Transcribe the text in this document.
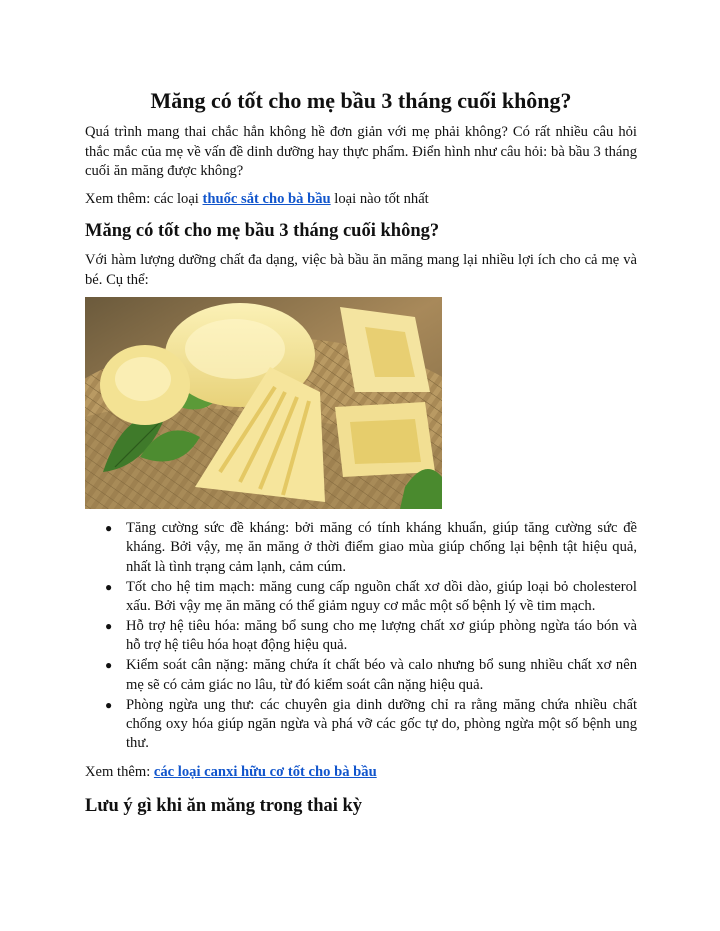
Măng có tốt cho mẹ bầu 3 tháng cuối không?

Quá trình mang thai chắc hẳn không hề đơn giản với mẹ phải không? Có rất nhiều câu hỏi thắc mắc của mẹ về vấn đề dinh dưỡng hay thực phẩm. Điển hình như câu hỏi: bà bầu 3 tháng cuối ăn măng được không?

Xem thêm: các loại thuốc sắt cho bà bầu loại nào tốt nhất

Măng có tốt cho mẹ bầu 3 tháng cuối không?

Với hàm lượng dưỡng chất đa dạng, việc bà bầu ăn măng mang lại nhiều lợi ích cho cả mẹ và bé. Cụ thể:

● Tăng cường sức đề kháng: bởi măng có tính kháng khuẩn, giúp tăng cường sức đề kháng. Bởi vậy, mẹ ăn măng ở thời điểm giao mùa giúp chống lại bệnh tật hiệu quả, nhất là tình trạng cảm lạnh, cảm cúm.
● Tốt cho hệ tim mạch: măng cung cấp nguồn chất xơ dồi dào, giúp loại bỏ cholesterol xấu. Bởi vậy mẹ ăn măng có thể giảm nguy cơ mắc một số bệnh lý về tim mạch.
● Hỗ trợ hệ tiêu hóa: măng bổ sung cho mẹ lượng chất xơ giúp phòng ngừa táo bón và hỗ trợ hệ tiêu hóa hoạt động hiệu quả.
● Kiểm soát cân nặng: măng chứa ít chất béo và calo nhưng bổ sung nhiều chất xơ nên mẹ sẽ có cảm giác no lâu, từ đó kiểm soát cân nặng hiệu quả.
● Phòng ngừa ung thư: các chuyên gia dinh dưỡng chỉ ra rằng măng chứa nhiều chất chống oxy hóa giúp ngăn ngừa và phá vỡ các gốc tự do, phòng ngừa một số bệnh ung thư.

Xem thêm: các loại canxi hữu cơ tốt cho bà bầu

Lưu ý gì khi ăn măng trong thai kỳ
